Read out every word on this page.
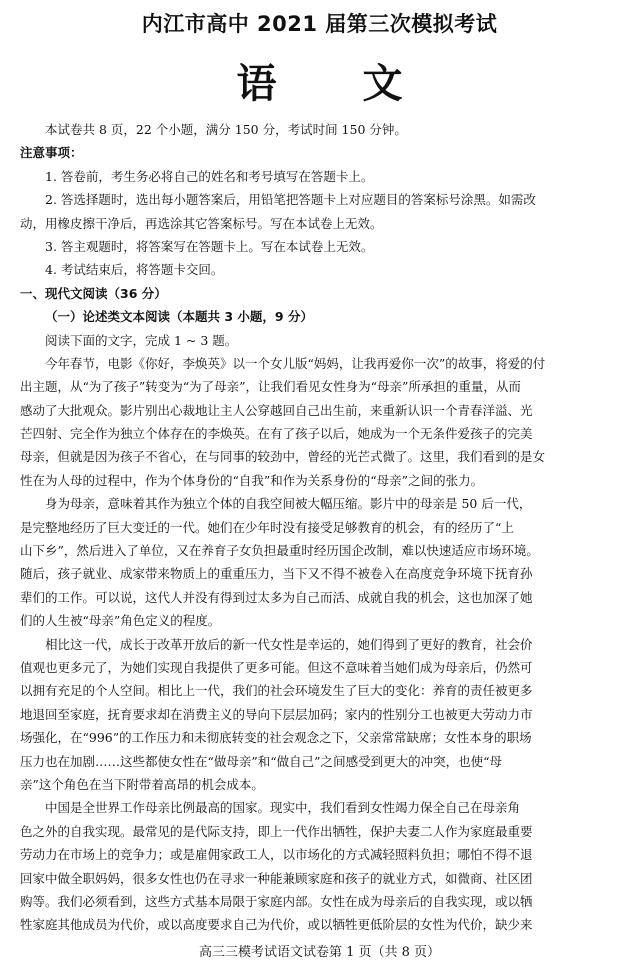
内江市高中 2021 届第三次模拟考试
语 文
本试卷共 8 页，22 个小题，满分 150 分，考试时间 150 分钟。
注意事项：
1. 答卷前，考生务必将自己的姓名和考号填写在答题卡上。
2. 答选择题时，选出每小题答案后，用铅笔把答题卡上对应题目的答案标号涂黑。如需改
动，用橡皮擦干净后，再选涂其它答案标号。写在本试卷上无效。
3. 答主观题时，将答案写在答题卡上。写在本试卷上无效。
4. 考试结束后，将答题卡交回。
一、现代文阅读（36 分）
（一）论述类文本阅读（本题共 3 小题，9 分）
阅读下面的文字，完成 1 ~ 3 题。
今年春节，电影《你好，李焕英》以一个女儿版“妈妈，让我再爱你一次”的故事，将爱的付
出主题，从“为了孩子”转变为“为了母亲”，让我们看见女性身为“母亲”所承担的重量，从而
感动了大批观众。影片别出心裁地让主人公穿越回自己出生前，来重新认识一个青春洋溢、光
芒四射、完全作为独立个体存在的李焕英。在有了孩子以后，她成为一个无条件爱孩子的完美
母亲，但就是因为孩子不省心，在与同事的较劲中，曾经的光芒式微了。这里，我们看到的是女
性在为人母的过程中，作为个体身份的“自我”和作为关系身份的“母亲”之间的张力。
身为母亲，意味着其作为独立个体的自我空间被大幅压缩。影片中的母亲是 50 后一代，
是完整地经历了巨大变迁的一代。她们在少年时没有接受足够教育的机会，有的经历了“上
山下乡”，然后进入了单位，又在养育子女负担最重时经历国企改制，难以快速适应市场环境。
随后，孩子就业、成家带来物质上的重重压力，当下又不得不被卷入在高度竞争环境下抚育孙
辈们的工作。可以说，这代人并没有得到过太多为自己而活、成就自我的机会，这也加深了她
们的人生被“母亲”角色定义的程度。
相比这一代，成长于改革开放后的新一代女性是幸运的，她们得到了更好的教育，社会价
值观也更多元了，为她们实现自我提供了更多可能。但这不意味着当她们成为母亲后，仍然可
以拥有充足的个人空间。相比上一代，我们的社会环境发生了巨大的变化：养育的责任被更多
地退回至家庭，抚育要求却在消费主义的导向下层层加码；家内的性别分工也被更大劳动力市
场强化，在“996”的工作压力和未彻底转变的社会观念之下，父亲常常缺席；女性本身的职场
压力也在加剧……这些都使女性在“做母亲”和“做自己”之间感受到更大的冲突，也使“母
亲”这个角色在当下附带着高昂的机会成本。
中国是全世界工作母亲比例最高的国家。现实中，我们看到女性竭力保全自己在母亲角
色之外的自我实现。最常见的是代际支持，即上一代作出牺牲，保护夫妻二人作为家庭最重要
劳动力在市场上的竞争力；或是雇佣家政工人，以市场化的方式减轻照料负担；哪怕不得不退
回家中做全职妈妈，很多女性也仍在寻求一种能兼顾家庭和孩子的就业方式，如微商、社区团
购等。我们必须看到，这些方式基本局限于家庭内部。女性在成为母亲后的自我实现，或以牺
牲家庭其他成员为代价，或以高度要求自己为代价，或以牺牲更低阶层的女性为代价，缺少来
高三三模考试语文试卷第 1 页（共 8 页）
